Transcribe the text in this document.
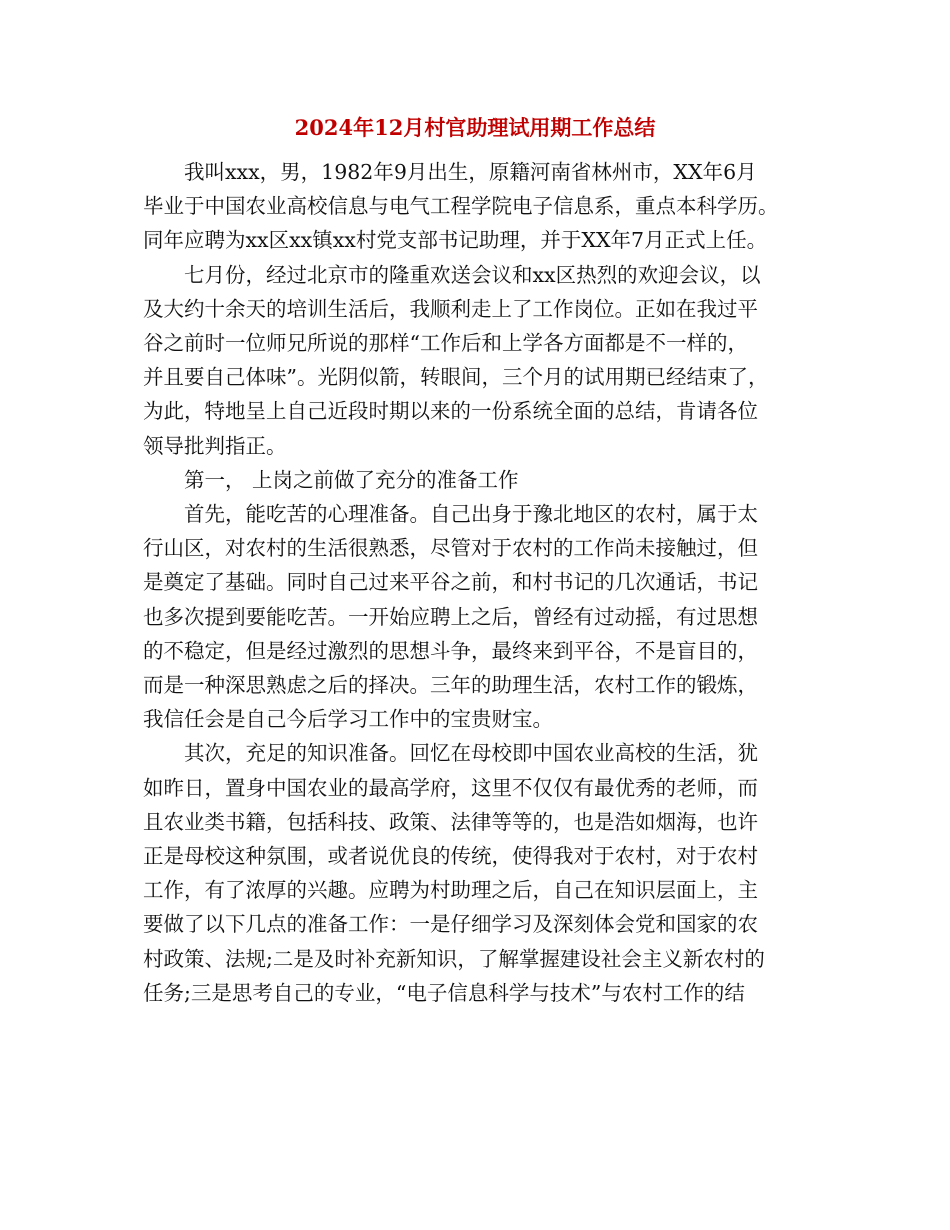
2024年12月村官助理试用期工作总结

我叫xxx，男，1982年9月出生，原籍河南省林州市，XX年6月
毕业于中国农业高校信息与电气工程学院电子信息系，重点本科学历。
同年应聘为xx区xx镇xx村党支部书记助理，并于XX年7月正式上任。

七月份，经过北京市的隆重欢送会议和xx区热烈的欢迎会议，以
及大约十余天的培训生活后，我顺利走上了工作岗位。正如在我过平
谷之前时一位师兄所说的那样“工作后和上学各方面都是不一样的，
并且要自己体味”。光阴似箭，转眼间，三个月的试用期已经结束了，
为此，特地呈上自己近段时期以来的一份系统全面的总结，肯请各位
领导批判指正。

第一， 上岗之前做了充分的准备工作

首先，能吃苦的心理准备。自己出身于豫北地区的农村，属于太
行山区，对农村的生活很熟悉，尽管对于农村的工作尚未接触过，但
是奠定了基础。同时自己过来平谷之前，和村书记的几次通话，书记
也多次提到要能吃苦。一开始应聘上之后，曾经有过动摇，有过思想
的不稳定，但是经过激烈的思想斗争，最终来到平谷，不是盲目的，
而是一种深思熟虑之后的择决。三年的助理生活，农村工作的锻炼，
我信任会是自己今后学习工作中的宝贵财宝。

其次，充足的知识准备。回忆在母校即中国农业高校的生活，犹
如昨日，置身中国农业的最高学府，这里不仅仅有最优秀的老师，而
且农业类书籍，包括科技、政策、法律等等的，也是浩如烟海，也许
正是母校这种氛围，或者说优良的传统，使得我对于农村，对于农村
工作，有了浓厚的兴趣。应聘为村助理之后，自己在知识层面上，主
要做了以下几点的准备工作：一是仔细学习及深刻体会党和国家的农
村政策、法规;二是及时补充新知识，了解掌握建设社会主义新农村的
任务;三是思考自己的专业，“电子信息科学与技术”与农村工作的结
